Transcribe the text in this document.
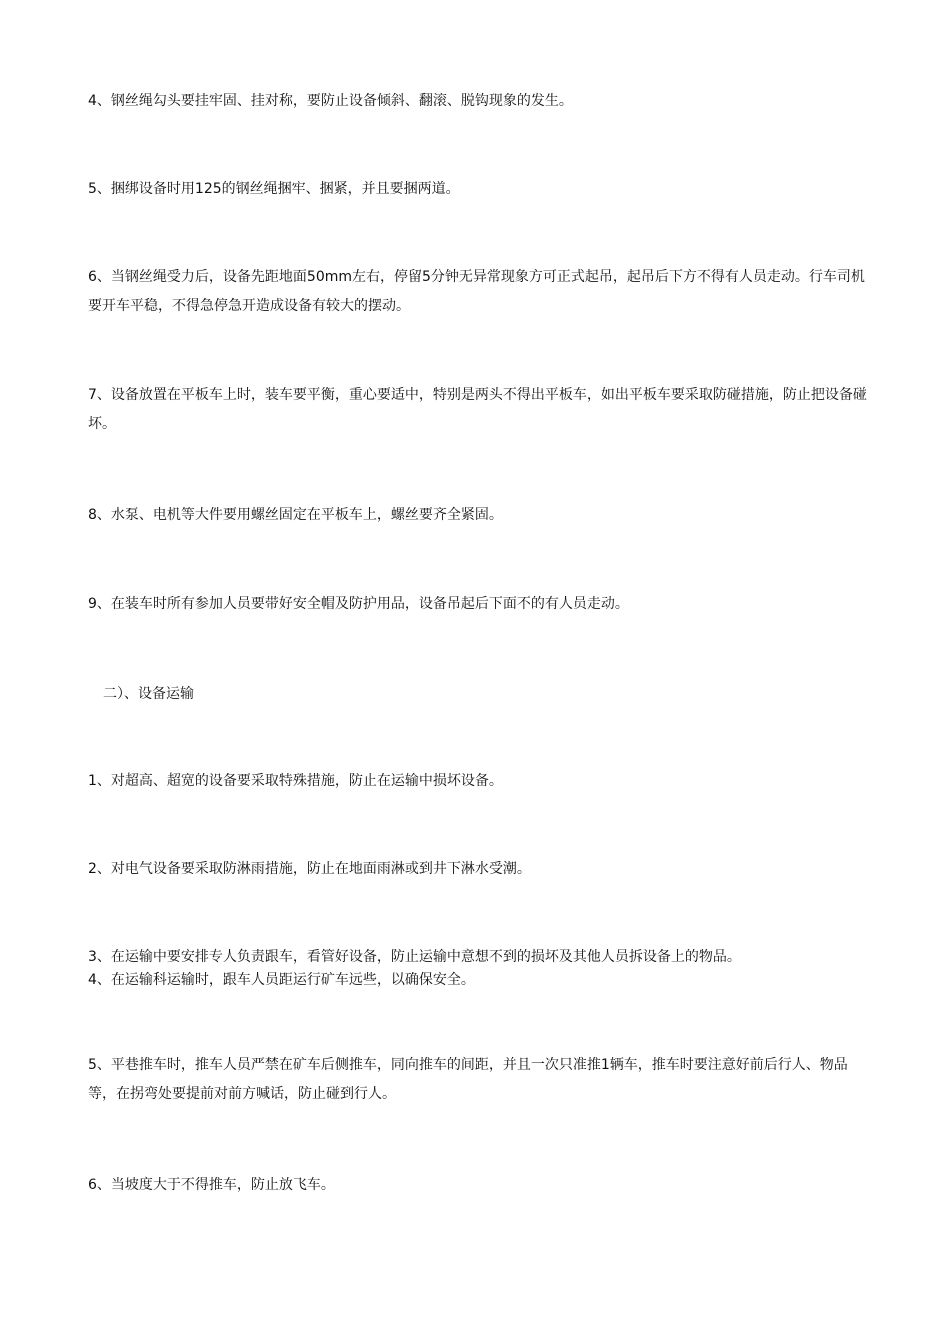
4、钢丝绳勾头要挂牢固、挂对称，要防止设备倾斜、翻滚、脱钩现象的发生。

5、捆绑设备时用125的钢丝绳捆牢、捆紧，并且要捆两道。

6、当钢丝绳受力后，设备先距地面50mm左右，停留5分钟无异常现象方可正式起吊，起吊后下方不得有人员走动。行车司机要开车平稳，不得急停急开造成设备有较大的摆动。

7、设备放置在平板车上时，装车要平衡，重心要适中，特别是两头不得出平板车，如出平板车要采取防碰措施，防止把设备碰坏。

8、水泵、电机等大件要用螺丝固定在平板车上，螺丝要齐全紧固。

9、在装车时所有参加人员要带好安全帽及防护用品，设备吊起后下面不的有人员走动。

二）、设备运输

1、对超高、超宽的设备要采取特殊措施，防止在运输中损坏设备。

2、对电气设备要采取防淋雨措施，防止在地面雨淋或到井下淋水受潮。

3、在运输中要安排专人负责跟车，看管好设备，防止运输中意想不到的损坏及其他人员拆设备上的物品。
4、在运输科运输时，跟车人员距运行矿车远些，以确保安全。

5、平巷推车时，推车人员严禁在矿车后侧推车，同向推车的间距，并且一次只准推1辆车，推车时要注意好前后行人、物品等，在拐弯处要提前对前方喊话，防止碰到行人。

6、当坡度大于不得推车，防止放飞车。
